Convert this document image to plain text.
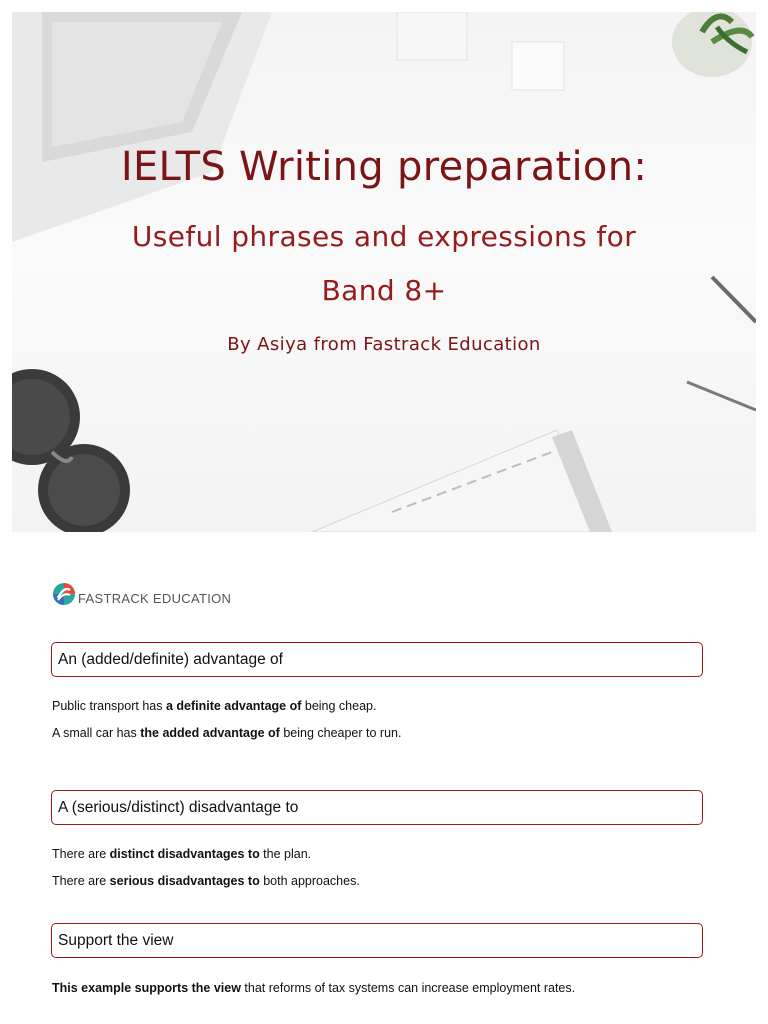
IELTS Writing preparation:
Useful phrases and expressions for
Band 8+
By Asiya from Fastrack Education
FASTRACK EDUCATION
An (added/definite) advantage of
Public transport has a definite advantage of being cheap.
A small car has the added advantage of being cheaper to run.
A (serious/distinct) disadvantage to
There are distinct disadvantages to the plan.
There are serious disadvantages to both approaches.
Support the view
This example supports the view that reforms of tax systems can increase employment rates.
